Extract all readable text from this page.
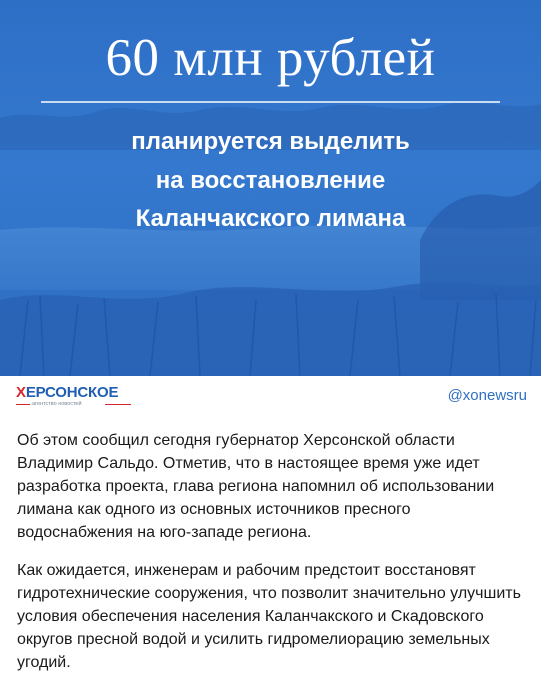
60 млн рублей
планируется выделить
на восстановление
Каланчакского лимана
ХЕРСОНСКОЕ
агентство новостей	@xonewsru

Об этом сообщил сегодня губернатор Херсонской области Владимир Сальдо. Отметив, что в настоящее время уже идет разработка проекта, глава региона напомнил об использовании лимана как одного из основных источников пресного водоснабжения на юго-западе региона.

Как ожидается, инженерам и рабочим предстоит восстановят гидротехнические сооружения, что позволит значительно улучшить условия обеспечения населения Каланчакского и Скадовского округов пресной водой и усилить гидромелиорацию земельных угодий.
